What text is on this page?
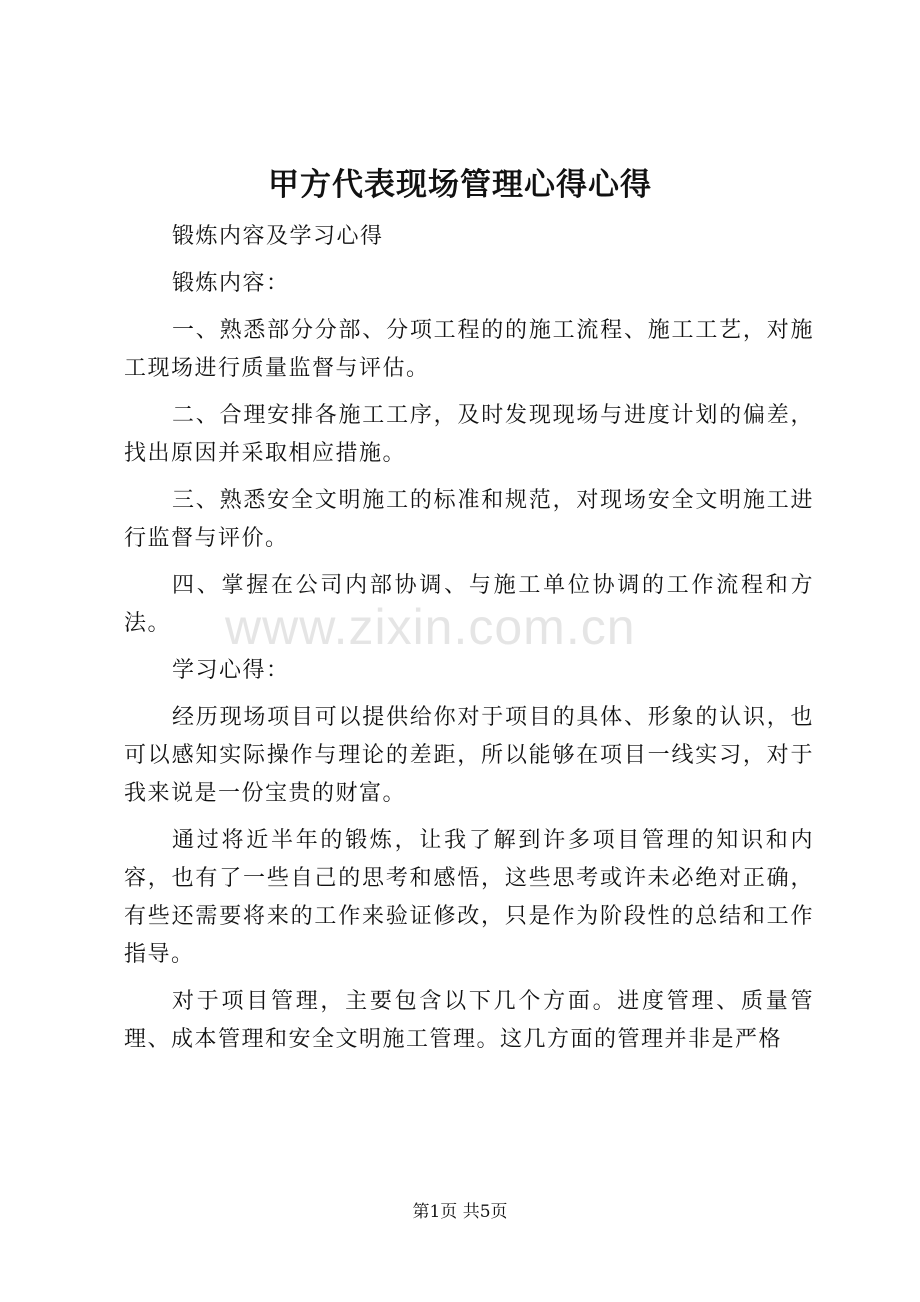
甲方代表现场管理心得心得

锻炼内容及学习心得

锻炼内容：

一、熟悉部分分部、分项工程的的施工流程、施工工艺，对施工现场进行质量监督与评估。

二、合理安排各施工工序，及时发现现场与进度计划的偏差，找出原因并采取相应措施。

三、熟悉安全文明施工的标准和规范，对现场安全文明施工进行监督与评价。

四、掌握在公司内部协调、与施工单位协调的工作流程和方法。

学习心得：

经历现场项目可以提供给你对于项目的具体、形象的认识，也可以感知实际操作与理论的差距，所以能够在项目一线实习，对于我来说是一份宝贵的财富。

通过将近半年的锻炼，让我了解到许多项目管理的知识和内容，也有了一些自己的思考和感悟，这些思考或许未必绝对正确，有些还需要将来的工作来验证修改，只是作为阶段性的总结和工作指导。

对于项目管理，主要包含以下几个方面。进度管理、质量管理、成本管理和安全文明施工管理。这几方面的管理并非是严格

www.zixin.com.cn
第1页 共5页
